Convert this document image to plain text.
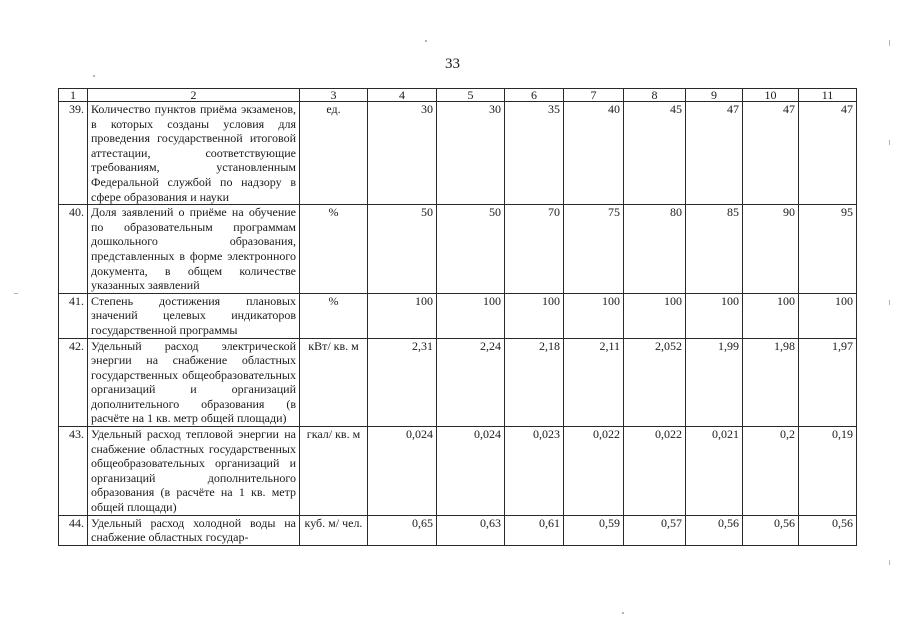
33
1	2	3	4	5	6	7	8	9	10	11
39.	Количество пунктов приёма экзаменов, в которых созданы условия для проведения государственной итоговой аттестации, соответствующие требованиям, установленным Федеральной службой по надзору в сфере образования и науки	ед.	30	30	35	40	45	47	47	47
40.	Доля заявлений о приёме на обучение по образовательным программам дошкольного образования, представленных в форме электронного документа, в общем количестве указанных заявлений	%	50	50	70	75	80	85	90	95
41.	Степень достижения плановых значений целевых индикаторов государственной программы	%	100	100	100	100	100	100	100	100
42.	Удельный расход электрической энергии на снабжение областных государственных общеобразовательных организаций и организаций дополнительного образования (в расчёте на 1 кв. метр общей площади)	кВт/ кв. м	2,31	2,24	2,18	2,11	2,052	1,99	1,98	1,97
43.	Удельный расход тепловой энергии на снабжение областных государственных общеобразовательных организаций и организаций дополнительного образования (в расчёте на 1 кв. метр общей площади)	гкал/ кв. м	0,024	0,024	0,023	0,022	0,022	0,021	0,2	0,19
44.	Удельный расход холодной воды на снабжение областных государ-	куб. м/ чел.	0,65	0,63	0,61	0,59	0,57	0,56	0,56	0,56
